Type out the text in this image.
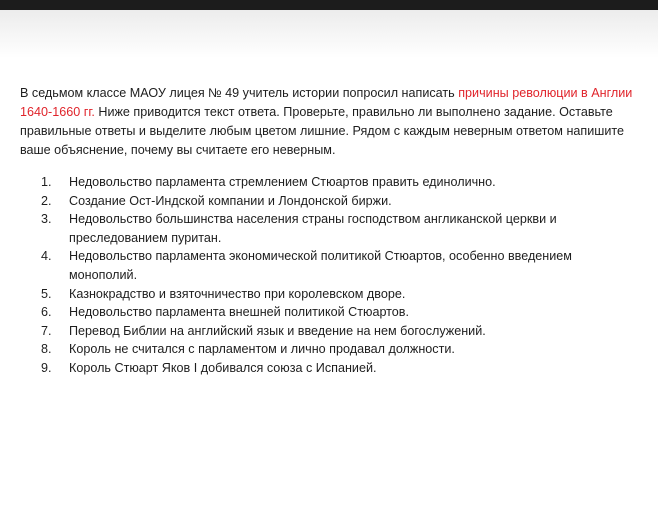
В седьмом классе МАОУ лицея № 49 учитель истории попросил написать причины революции в Англии 1640-1660 гг. Ниже приводится текст ответа. Проверьте, правильно ли выполнено задание. Оставьте правильные ответы и выделите любым цветом лишние. Рядом с каждым неверным ответом напишите ваше объяснение, почему вы считаете его неверным.

1. Недовольство парламента стремлением Стюартов править единолично.
2. Создание Ост-Индской компании и Лондонской биржи.
3. Недовольство большинства населения страны господством англиканской церкви и преследованием пуритан.
4. Недовольство парламента экономической политикой Стюартов, особенно введением монополий.
5. Казнокрадство и взяточничество при королевском дворе.
6. Недовольство парламента внешней политикой Стюартов.
7. Перевод Библии на английский язык и введение на нем богослужений.
8. Король не считался с парламентом и лично продавал должности.
9. Король Стюарт Яков I добивался союза с Испанией.
